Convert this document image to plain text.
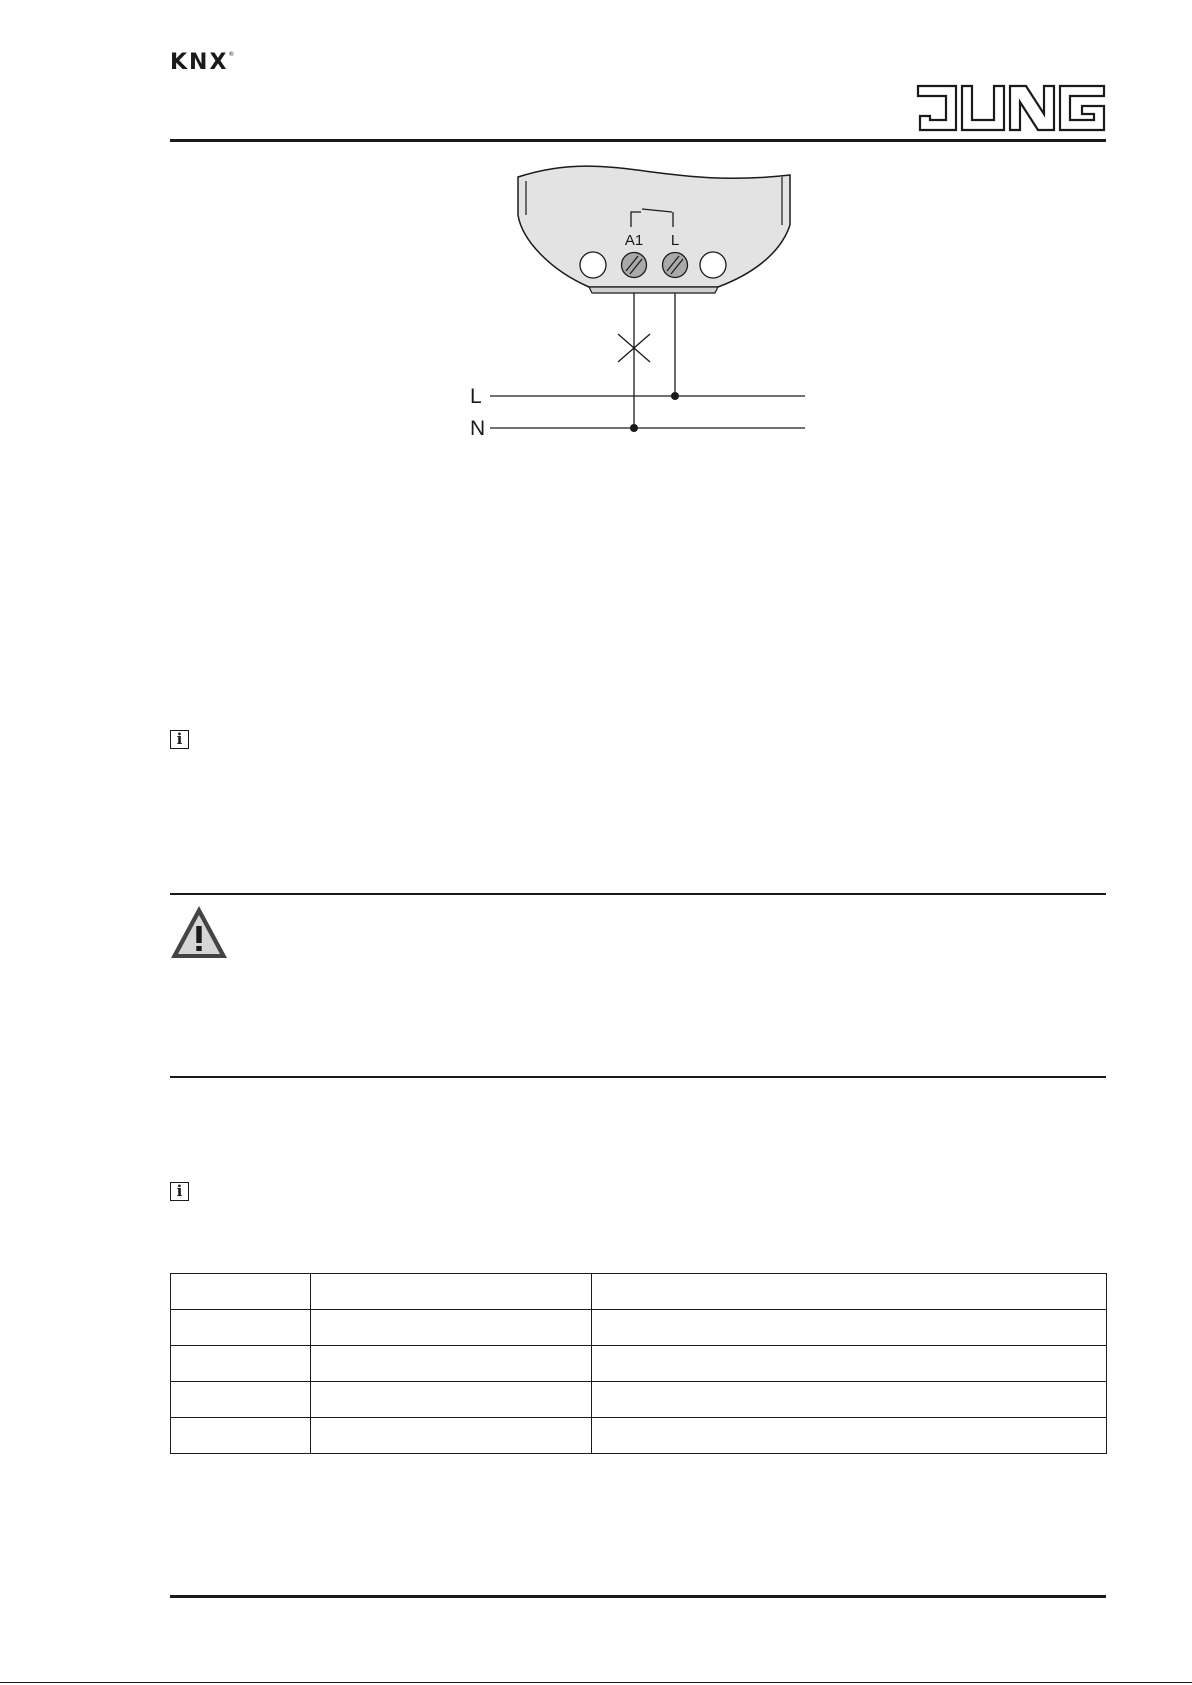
KNX®
JUNG
A1 L
L
N
i
i
